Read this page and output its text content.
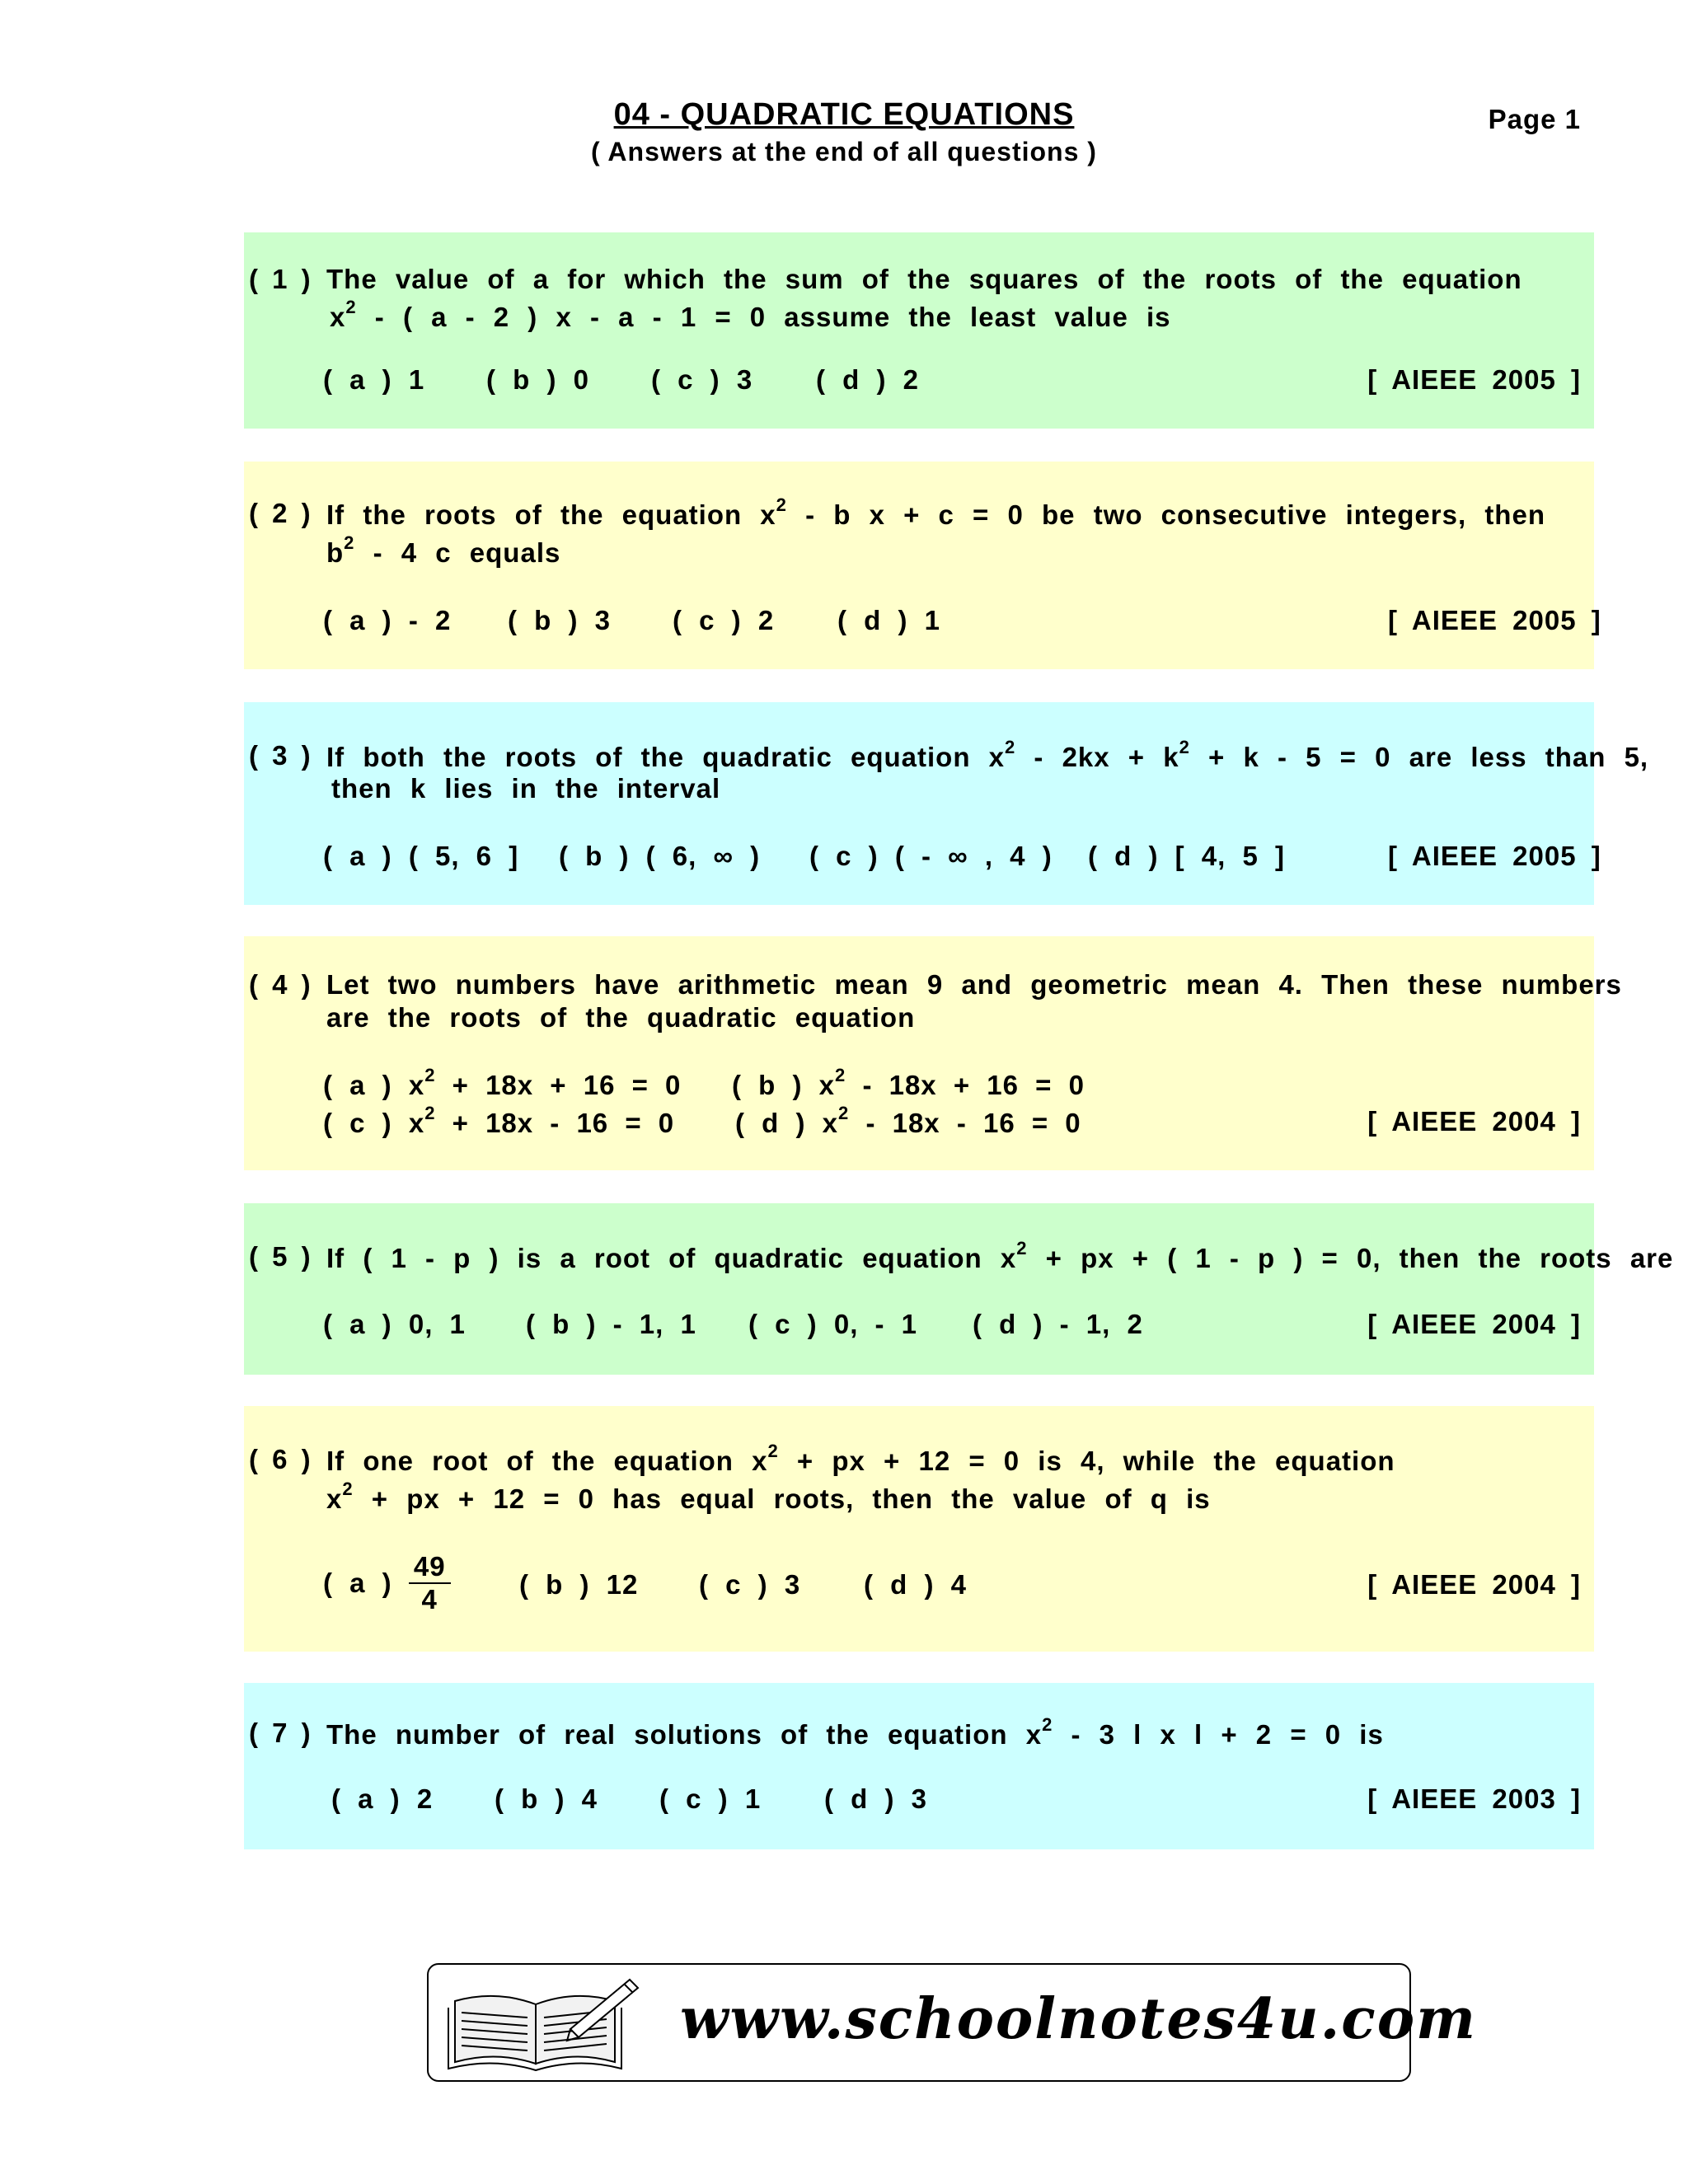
04 - QUADRATIC EQUATIONS
( Answers at the end of all questions )
Page 1
( 1 ) The value of a for which the sum of the squares of the roots of the equation
$x^2$ - ( a - 2 ) x - a - 1 = 0 assume the least value is
( a ) 1 ( b ) 0 ( c ) 3 ( d ) 2	[ AIEEE 2005 ]
( 2 ) If the roots of the equation $x^2$ - b x + c = 0 be two consecutive integers, then
$b^2 - 4$ c equals
( a ) - 2 ( b ) 3 ( c ) 2 ( d ) 1	[ AIEEE 2005 ]
( 3 ) If both the roots of the quadratic equation $x^2 - 2kx + k^2 + k - 5 = 0$ are less than 5,
then k lies in the interval
( a ) ( 5, 6 ] ( b ) ( 6, ∞ ) ( c ) ( - ∞ , 4 ) ( d ) [ 4, 5 ]	[ AIEEE 2005 ]
( 4 ) Let two numbers have arithmetic mean 9 and geometric mean 4. Then these numbers
are the roots of the quadratic equation
( a ) $x^2 + 18x + 16 = 0$ ( b ) $x^2 - 18x + 16 = 0$
( c ) $x^2 + 18x - 16 = 0$ ( d ) $x^2 - 18x - 16 = 0$	[ AIEEE 2004 ]
( 5 ) If ( 1 - p ) is a root of quadratic equation $x^2$ + px + ( 1 - p ) = 0, then the roots are
( a ) 0, 1 ( b ) - 1, 1 ( c ) 0, - 1 ( d ) - 1, 2	[ AIEEE 2004 ]
( 6 ) If one root of the equation $x^2$ + px + 12 = 0 is 4, while the equation
$x^2$ + px + 12 = 0 has equal roots, then the value of q is
( a ) $\frac{49}{4}$	( b ) 12 ( c ) 3 ( d ) 4	[ AIEEE 2004 ]
( 7 ) The number of real solutions of the equation $x^2 - 3$ l x l + 2 = 0 is
( a ) 2 ( b ) 4 ( c ) 1 ( d ) 3	[ AIEEE 2003 ]
www.schoolnotes4u.com
